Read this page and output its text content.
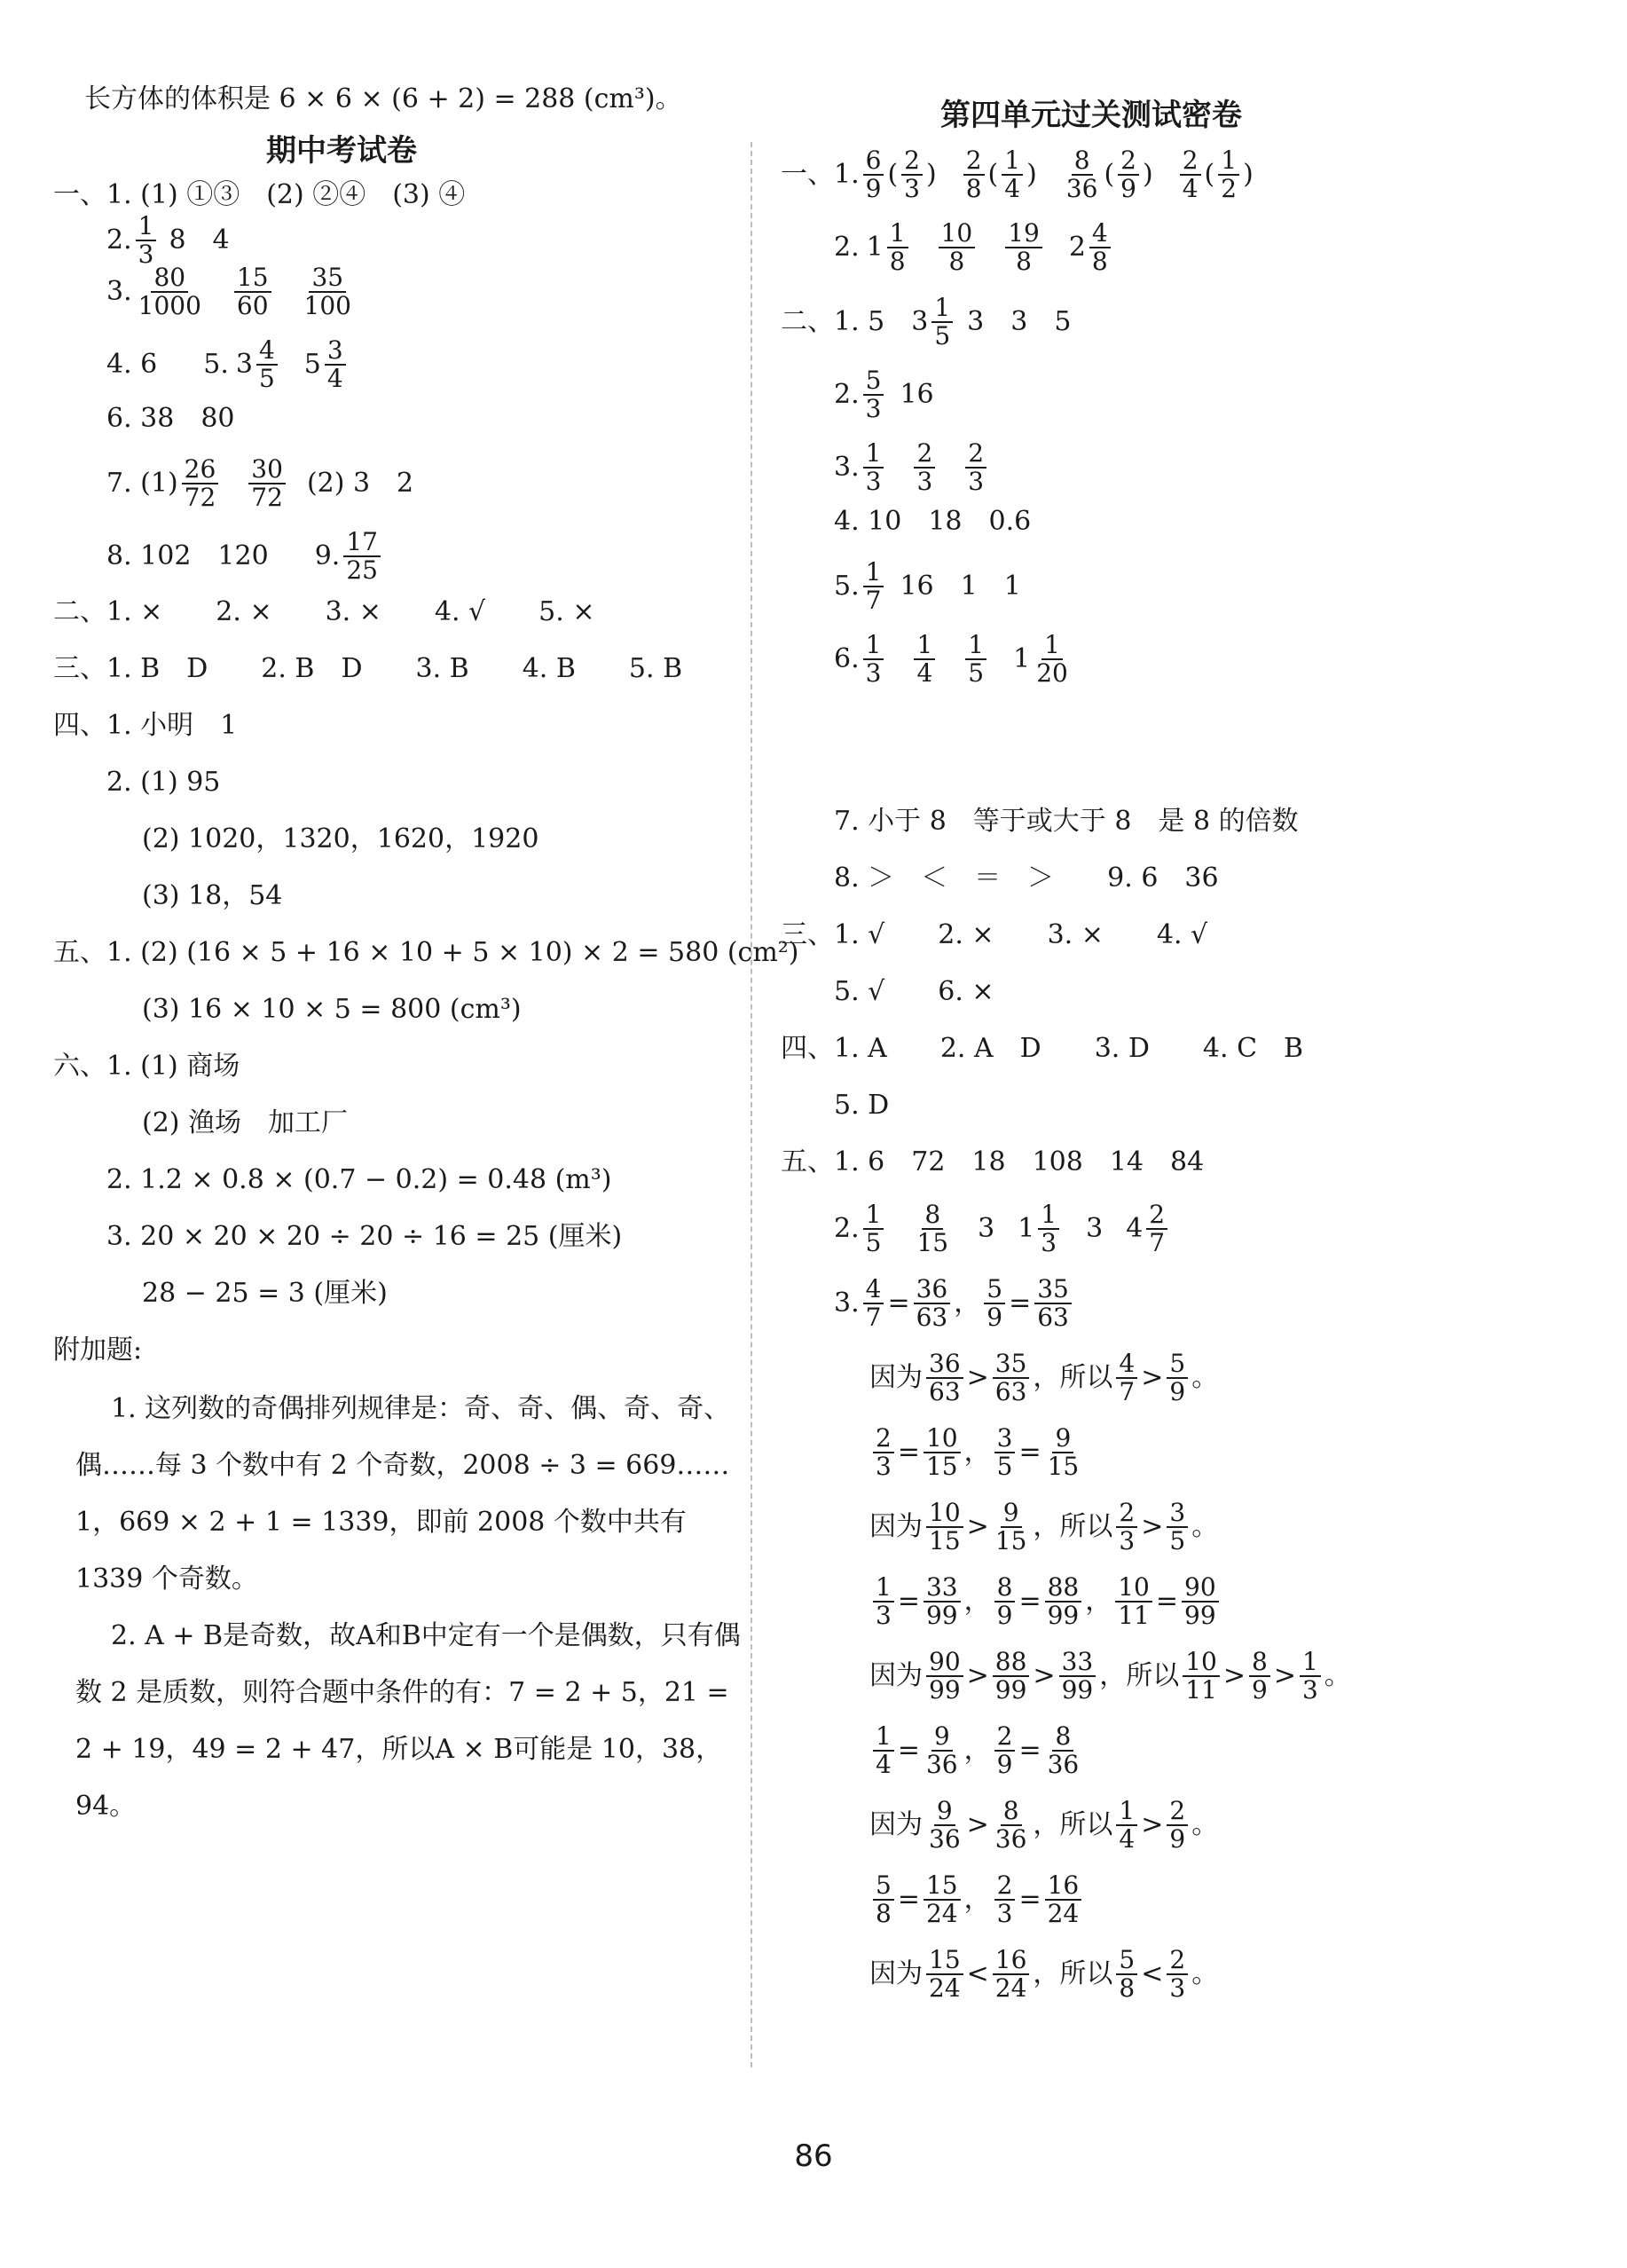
长方体的体积是 6 × 6 × (6 + 2) = 288 (cm³)。
期中考试卷
一、1. (1) ①③　(2) ②④　(3) ④
2. $\frac{1}{3} 8$　4
3. $\frac{80}{1000} \frac{15}{60} \frac{35}{100}$
4. 6 5. $3 \frac{4}{5} 5 \frac{3}{4}$
6. 38　80
7. $(1) \frac{26}{72} \frac{30}{72} (2)$ 3　2
8. 102　120 9. $\frac{17}{25}$
二、1. ×　　2. ×　　3. ×　　4. √　　5. ×
三、1. B　D　　2. B　D　　3. B　　4. B　　5. B
四、1. 小明　1
2. (1) 95
(2) 1020，1320，1620，1920
(3) 18，54
五、1. (2) (16 × 5 + 16 × 10 + 5 × 10) × 2 = 580 (cm²)
(3) 16 × 10 × 5 = 800 (cm³)
六、1. (1) 商场
(2) 渔场　加工厂
2. 1.2 × 0.8 × (0.7 − 0.2) = 0.48 (m³)
3. 20 × 20 × 20 ÷ 20 ÷ 16 = 25 (厘米)
28 − 25 = 3 (厘米)
附加题:
1. 这列数的奇偶排列规律是：奇、奇、偶、奇、奇、偶……每 3 个数中有 2 个奇数，2008 ÷ 3 = 669……1，669 × 2 + 1 = 1339，即前 2008 个数中共有 1339 个奇数。
2. A + B是奇数，故A和B中定有一个是偶数，只有偶数 2 是质数，则符合题中条件的有：7 = 2 + 5，21 = 2 + 19，49 = 2 + 47，所以A × B可能是 10，38，94。
第四单元过关测试密卷
一、1. $\frac{6}{9}$ ( $\frac{2}{3}$ ) $\frac{2}{8}$ ( $\frac{1}{4}$ ) $\frac{8}{36}$ ( $\frac{2}{9}$ ) $\frac{2}{4}$ ( $\frac{1}{2}$ )
2. $1 \frac{1}{8} \frac{10}{8} \frac{19}{8} 2 \frac{4}{8}$
二、1. 5　$3 \frac{1}{5} 3$　3　5
2. $\frac{5}{3} 16$
3. $\frac{1}{3} \frac{2}{3} \frac{2}{3}$
4. 10　18　0.6
5. $\frac{1}{7} 16$　1　1
6. $\frac{1}{3} \frac{1}{4} \frac{1}{5} 1 \frac{1}{20}$
7. 小于 8　等于或大于 8　是 8 的倍数
8. ＞　＜　＝　＞　　9. 6　36
三、1. √　　2. ×　　3. ×　　4. √
5. √　　6. ×
四、1. A　　2. A　D　　3. D　　4. C　B
5. D
五、1. 6　72　18　108　14　84
2. $\frac{1}{5} \frac{8}{15} 3$ $1 \frac{1}{3} 3$ $4 \frac{2}{7}$
3. $\frac{4}{7} = \frac{36}{63}$ ， $\frac{5}{9} = \frac{35}{63}$
因为 $\frac{36}{63} > \frac{35}{63}$ ， 所以 $\frac{4}{7} > \frac{5}{9}$ 。
$\frac{2}{3} = \frac{10}{15}$ ， $\frac{3}{5} = \frac{9}{15}$
因为 $\frac{10}{15} > \frac{9}{15}$ ， 所以 $\frac{2}{3} > \frac{3}{5}$ 。
$\frac{1}{3} = \frac{33}{99}$ ， $\frac{8}{9} = \frac{88}{99}$ ， $\frac{10}{11} = \frac{90}{99}$
因为 $\frac{90}{99} > \frac{88}{99} > \frac{33}{99}$ ， 所以 $\frac{10}{11} > \frac{8}{9} > \frac{1}{3}$ 。
$\frac{1}{4} = \frac{9}{36}$ ， $\frac{2}{9} = \frac{8}{36}$
因为 $\frac{9}{36} > \frac{8}{36}$ ， 所以 $\frac{1}{4} > \frac{2}{9}$ 。
$\frac{5}{8} = \frac{15}{24}$ ， $\frac{2}{3} = \frac{16}{24}$
因为 $\frac{15}{24} < \frac{16}{24}$ ， 所以 $\frac{5}{8} < \frac{2}{3}$ 。
86
